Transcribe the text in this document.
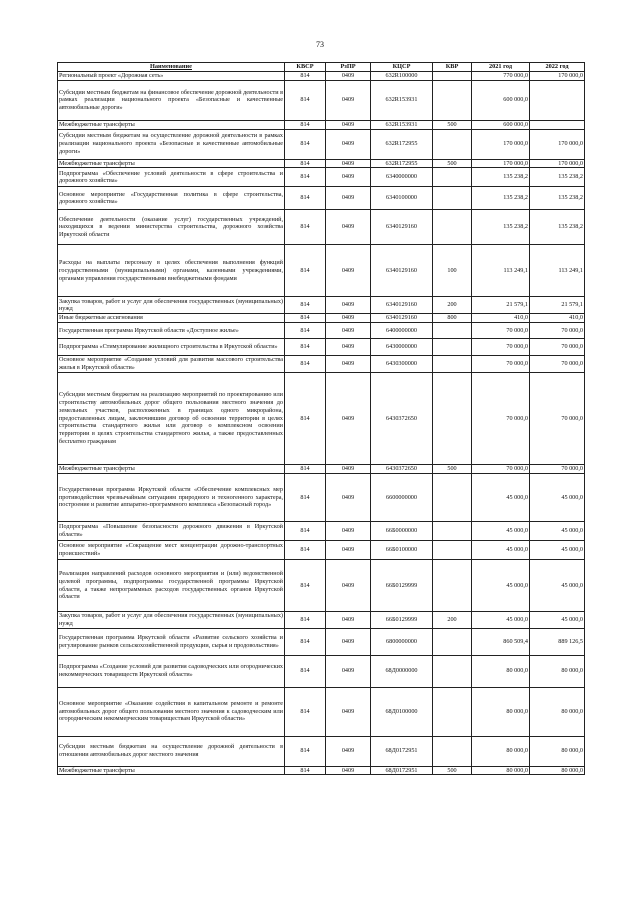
73
Наименование	КВСР	РзПР	КЦСР	КВР	2021 год	2022 год
Региональный проект «Дорожная сеть»	814	0409	632R100000		770 000,0	170 000,0
Субсидии местным бюджетам на финансовое обеспечение дорожной деятельности в рамках реализации национального проекта «Безопасные и качественные автомобильные дороги»	814	0409	632R153931		600 000,0	
Межбюджетные трансферты	814	0409	632R153931	500	600 000,0	
Субсидии местным бюджетам на осуществление дорожной деятельности в рамках реализации национального проекта «Безопасные и качественные автомобильные дороги»	814	0409	632R172955		170 000,0	170 000,0
Межбюджетные трансферты	814	0409	632R172955	500	170 000,0	170 000,0
Подпрограмма «Обеспечение условий деятельности в сфере строительства и дорожного хозяйства»	814	0409	6340000000		135 238,2	135 238,2
Основное мероприятие «Государственная политика в сфере строительства, дорожного хозяйства»	814	0409	6340100000		135 238,2	135 238,2
Обеспечение деятельности (оказание услуг) государственных учреждений, находящихся в ведении министерства строительства, дорожного хозяйства Иркутской области	814	0409	6340129160		135 238,2	135 238,2
Расходы на выплаты персоналу в целях обеспечения выполнения функций государственными (муниципальными) органами, казенными учреждениями, органами управления государственными внебюджетными фондами	814	0409	6340129160	100	113 249,1	113 249,1
Закупка товаров, работ и услуг для обеспечения государственных (муниципальных) нужд	814	0409	6340129160	200	21 579,1	21 579,1
Иные бюджетные ассигнования	814	0409	6340129160	800	410,0	410,0
Государственная программа Иркутской области «Доступное жилье»	814	0409	6400000000		70 000,0	70 000,0
Подпрограмма «Стимулирование жилищного строительства в Иркутской области»	814	0409	6430000000		70 000,0	70 000,0
Основное мероприятие «Создание условий для развития массового строительства жилья в Иркутской области»	814	0409	6430300000		70 000,0	70 000,0
Субсидии местным бюджетам на реализацию мероприятий по проектированию или строительству автомобильных дорог общего пользования местного значения до земельных участков, расположенных в границах одного микрорайона, предоставленных лицам, заключившим договор об освоении территории в целях строительства стандартного жилья или договор о комплексном освоении территории в целях строительства стандартного жилья, а также предоставленных бесплатно гражданам	814	0409	6430372650		70 000,0	70 000,0
Межбюджетные трансферты	814	0409	6430372650	500	70 000,0	70 000,0
Государственная программа Иркутской области «Обеспечение комплексных мер противодействия чрезвычайным ситуациям природного и техногенного характера, построение и развитие аппаратно-программного комплекса «Безопасный город»	814	0409	6600000000		45 000,0	45 000,0
Подпрограмма «Повышение безопасности дорожного движения в Иркутской области»	814	0409	66Б0000000		45 000,0	45 000,0
Основное мероприятие «Сокращение мест концентрации дорожно-транспортных происшествий»	814	0409	66Б0100000		45 000,0	45 000,0
Реализация направлений расходов основного мероприятия и (или) ведомственной целевой программы, подпрограммы государственной программы Иркутской области, а также непрограммных расходов государственных органов Иркутской области	814	0409	66Б0129999		45 000,0	45 000,0
Закупка товаров, работ и услуг для обеспечения государственных (муниципальных) нужд	814	0409	66Б0129999	200	45 000,0	45 000,0
Государственная программа Иркутской области «Развитие сельского хозяйства и регулирование рынков сельскохозяйственной продукции, сырья и продовольствия»	814	0409	6800000000		860 509,4	889 126,5
Подпрограмма «Создание условий для развития садоводческих или огороднических некоммерческих товариществ Иркутской области»	814	0409	68Д0000000		80 000,0	80 000,0
Основное мероприятие «Оказание содействия в капитальном ремонте и ремонте автомобильных дорог общего пользования местного значения к садоводческим или огородническим некоммерческим товариществам Иркутской области»	814	0409	68Д0100000		80 000,0	80 000,0
Субсидии местным бюджетам на осуществление дорожной деятельности в отношении автомобильных дорог местного значения	814	0409	68Д0172951		80 000,0	80 000,0
Межбюджетные трансферты	814	0409	68Д0172951	500	80 000,0	80 000,0
